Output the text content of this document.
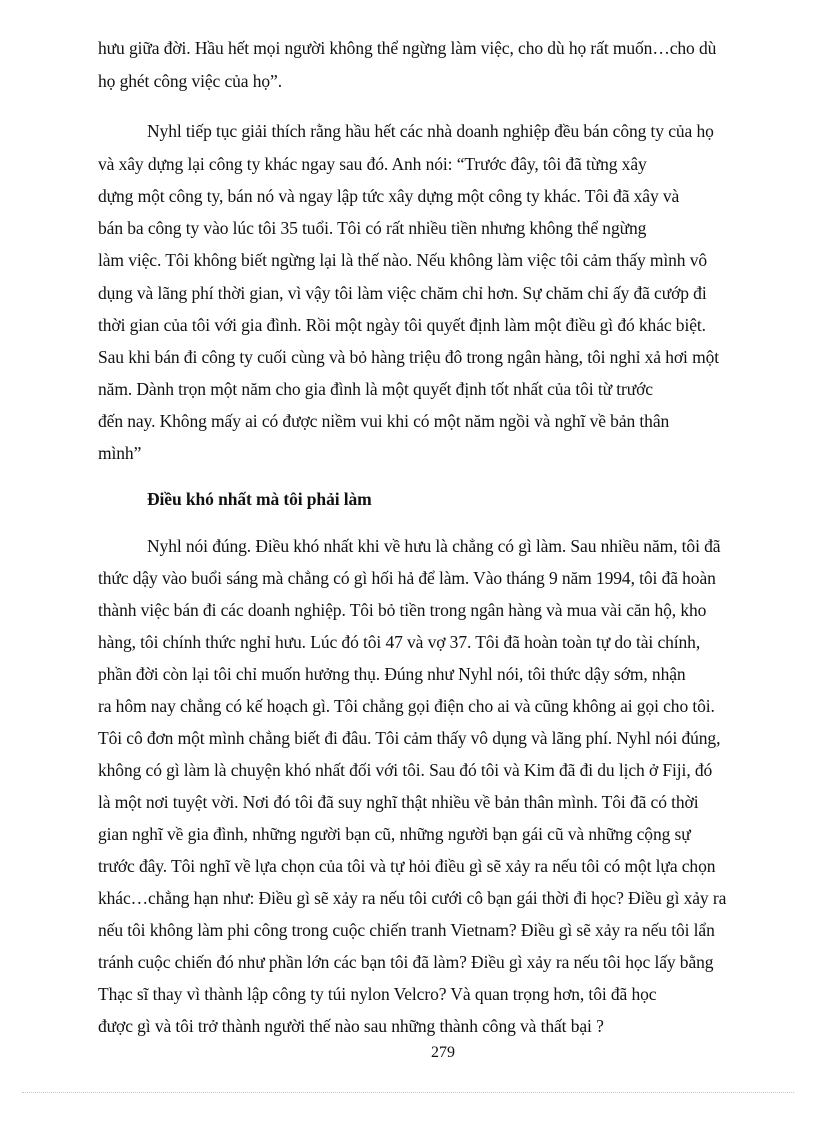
hưu giữa đời. Hầu hết mọi người không thể ngừng làm việc, cho dù họ rất muốn…cho dù
họ ghét công việc của họ”.
Nyhl tiếp tục giải thích rằng hầu hết các nhà doanh nghiệp đều bán công ty của họ
và xây dựng lại công ty khác ngay sau đó. Anh nói: “Trước đây, tôi đã từng xây
dựng một công ty, bán nó và ngay lập tức xây dựng một công ty khác. Tôi đã xây và
bán ba công ty vào lúc tôi 35 tuổi. Tôi có rất nhiều tiền nhưng không thể ngừng
làm việc. Tôi không biết ngừng lại là thế nào. Nếu không làm việc tôi cảm thấy mình vô
dụng và lãng phí thời gian, vì vậy tôi làm việc chăm chỉ hơn. Sự chăm chỉ ấy đã cướp đi
thời gian của tôi với gia đình. Rồi một ngày tôi quyết định làm một điều gì đó khác biệt.
Sau khi bán đi công ty cuối cùng và bỏ hàng triệu đô trong ngân hàng, tôi nghỉ xả hơi một
năm. Dành trọn một năm cho gia đình là một quyết định tốt nhất của tôi từ trước
đến nay. Không mấy ai có được niềm vui khi có một năm ngồi và nghĩ về bản thân
mình”
Điều khó nhất mà tôi phải làm
Nyhl nói đúng. Điều khó nhất khi về hưu là chẳng có gì làm. Sau nhiều năm, tôi đã
thức dậy vào buổi sáng mà chẳng có gì hối hả để làm. Vào tháng 9 năm 1994, tôi đã hoàn
thành việc bán đi các doanh nghiệp. Tôi bỏ tiền trong ngân hàng và mua vài căn hộ, kho
hàng, tôi chính thức nghỉ hưu. Lúc đó tôi 47 và vợ 37. Tôi đã hoàn toàn tự do tài chính,
phần đời còn lại tôi chỉ muốn hưởng thụ. Đúng như Nyhl nói, tôi thức dậy sớm, nhận
ra hôm nay chẳng có kế hoạch gì. Tôi chẳng gọi điện cho ai và cũng không ai gọi cho tôi.
Tôi cô đơn một mình chẳng biết đi đâu. Tôi cảm thấy vô dụng và lãng phí. Nyhl nói đúng,
không có gì làm là chuyện khó nhất đối với tôi. Sau đó tôi và Kim đã đi du lịch ở Fiji, đó
là một nơi tuyệt vời. Nơi đó tôi đã suy nghĩ thật nhiều về bản thân mình. Tôi đã có thời
gian nghĩ về gia đình, những người bạn cũ, những người bạn gái cũ và những cộng sự
trước đây. Tôi nghĩ về lựa chọn của tôi và tự hỏi điều gì sẽ xảy ra nếu tôi có một lựa chọn
khác…chẳng hạn như: Điều gì sẽ xảy ra nếu tôi cưới cô bạn gái thời đi học? Điều gì xảy ra
nếu tôi không làm phi công trong cuộc chiến tranh Vietnam? Điều gì sẽ xảy ra nếu tôi lẩn
tránh cuộc chiến đó như phần lớn các bạn tôi đã làm? Điều gì xảy ra nếu tôi học lấy bằng
Thạc sĩ thay vì thành lập công ty túi nylon Velcro? Và quan trọng hơn, tôi đã học
được gì và tôi trở thành người thế nào sau những thành công và thất bại ?
279
